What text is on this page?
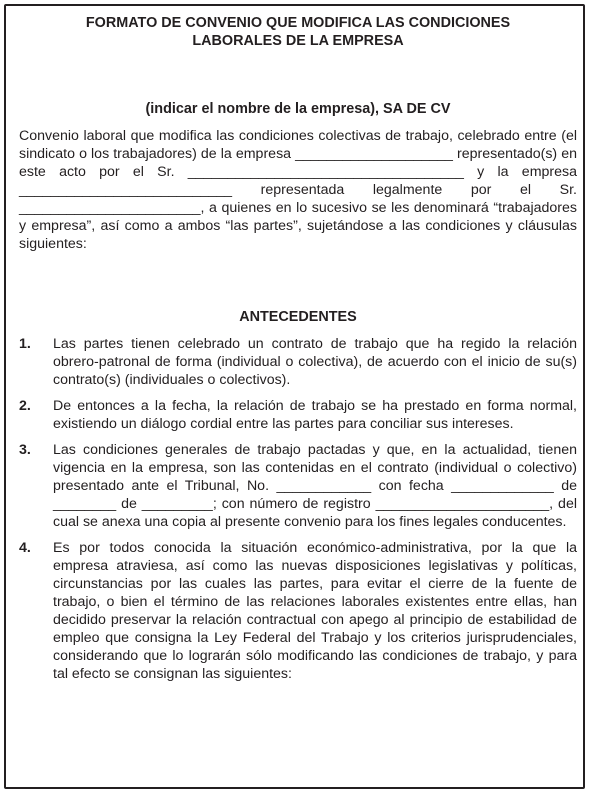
FORMATO DE CONVENIO QUE MODIFICA LAS CONDICIONES
LABORALES DE LA EMPRESA

(indicar el nombre de la empresa), SA DE CV
Convenio laboral que modifica las condiciones colectivas de trabajo, celebrado entre (el sindicato o los trabajadores) de la empresa ____________________ representado(s) en este acto por el Sr. ___________________________________ y la empresa ___________________________ representada legalmente por el Sr. _______________________, a quienes en lo sucesivo se les denominará “trabajadores y empresa”, así como a ambos “las partes”, sujetándose a las condiciones y cláusulas siguientes:
ANTECEDENTES
1. Las partes tienen celebrado un contrato de trabajo que ha regido la relación obrero-patronal de forma (individual o colectiva), de acuerdo con el inicio de su(s) contrato(s) (individuales o colectivos).
2. De entonces a la fecha, la relación de trabajo se ha prestado en forma normal, existiendo un diálogo cordial entre las partes para conciliar sus intereses.
3. Las condiciones generales de trabajo pactadas y que, en la actualidad, tienen vigencia en la empresa, son las contenidas en el contrato (individual o colectivo) presentado ante el Tribunal, No. ____________ con fecha _____________ de ________ de _________; con número de registro ______________________, del cual se anexa una copia al presente convenio para los fines legales conducentes.
4. Es por todos conocida la situación económico-administrativa, por la que la empresa atraviesa, así como las nuevas disposiciones legislativas y políticas, circunstancias por las cuales las partes, para evitar el cierre de la fuente de trabajo, o bien el término de las relaciones laborales existentes entre ellas, han decidido preservar la relación contractual con apego al principio de estabilidad de empleo que consigna la Ley Federal del Trabajo y los criterios jurisprudenciales, considerando que lo lograrán sólo modificando las condiciones de trabajo, y para tal efecto se consignan las siguientes:
